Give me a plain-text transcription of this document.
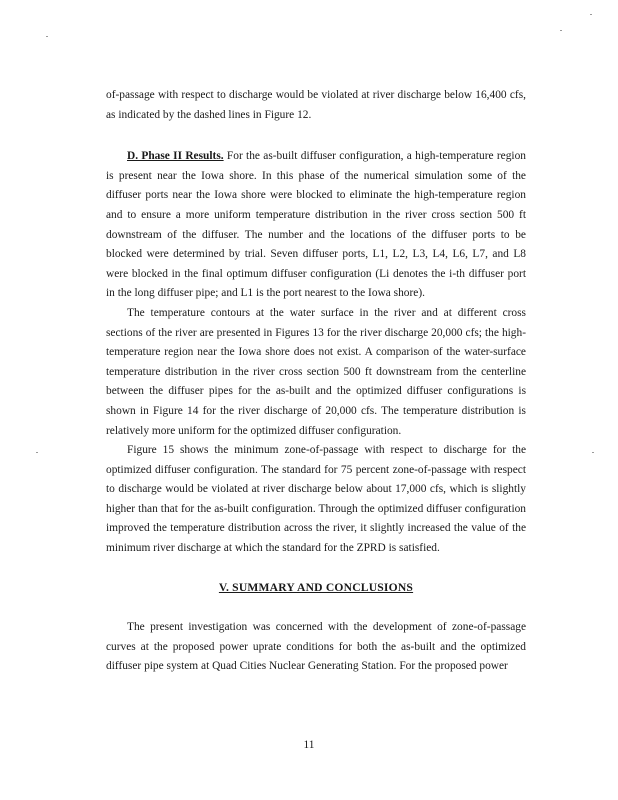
of-passage with respect to discharge would be violated at river discharge below 16,400 cfs, as indicated by the dashed lines in Figure 12.

D. Phase II Results. For the as-built diffuser configuration, a high-temperature region is present near the Iowa shore. In this phase of the numerical simulation some of the diffuser ports near the Iowa shore were blocked to eliminate the high-temperature region and to ensure a more uniform temperature distribution in the river cross section 500 ft downstream of the diffuser. The number and the locations of the diffuser ports to be blocked were determined by trial. Seven diffuser ports, L1, L2, L3, L4, L6, L7, and L8 were blocked in the final optimum diffuser configuration (Li denotes the i-th diffuser port in the long diffuser pipe; and L1 is the port nearest to the Iowa shore).

The temperature contours at the water surface in the river and at different cross sections of the river are presented in Figures 13 for the river discharge 20,000 cfs; the high-temperature region near the Iowa shore does not exist. A comparison of the water-surface temperature distribution in the river cross section 500 ft downstream from the centerline between the diffuser pipes for the as-built and the optimized diffuser configurations is shown in Figure 14 for the river discharge of 20,000 cfs. The temperature distribution is relatively more uniform for the optimized diffuser configuration.

Figure 15 shows the minimum zone-of-passage with respect to discharge for the optimized diffuser configuration. The standard for 75 percent zone-of-passage with respect to discharge would be violated at river discharge below about 17,000 cfs, which is slightly higher than that for the as-built configuration. Through the optimized diffuser configuration improved the temperature distribution across the river, it slightly increased the value of the minimum river discharge at which the standard for the ZPRD is satisfied.

V. SUMMARY AND CONCLUSIONS

The present investigation was concerned with the development of zone-of-passage curves at the proposed power uprate conditions for both the as-built and the optimized diffuser pipe system at Quad Cities Nuclear Generating Station. For the proposed power

11
